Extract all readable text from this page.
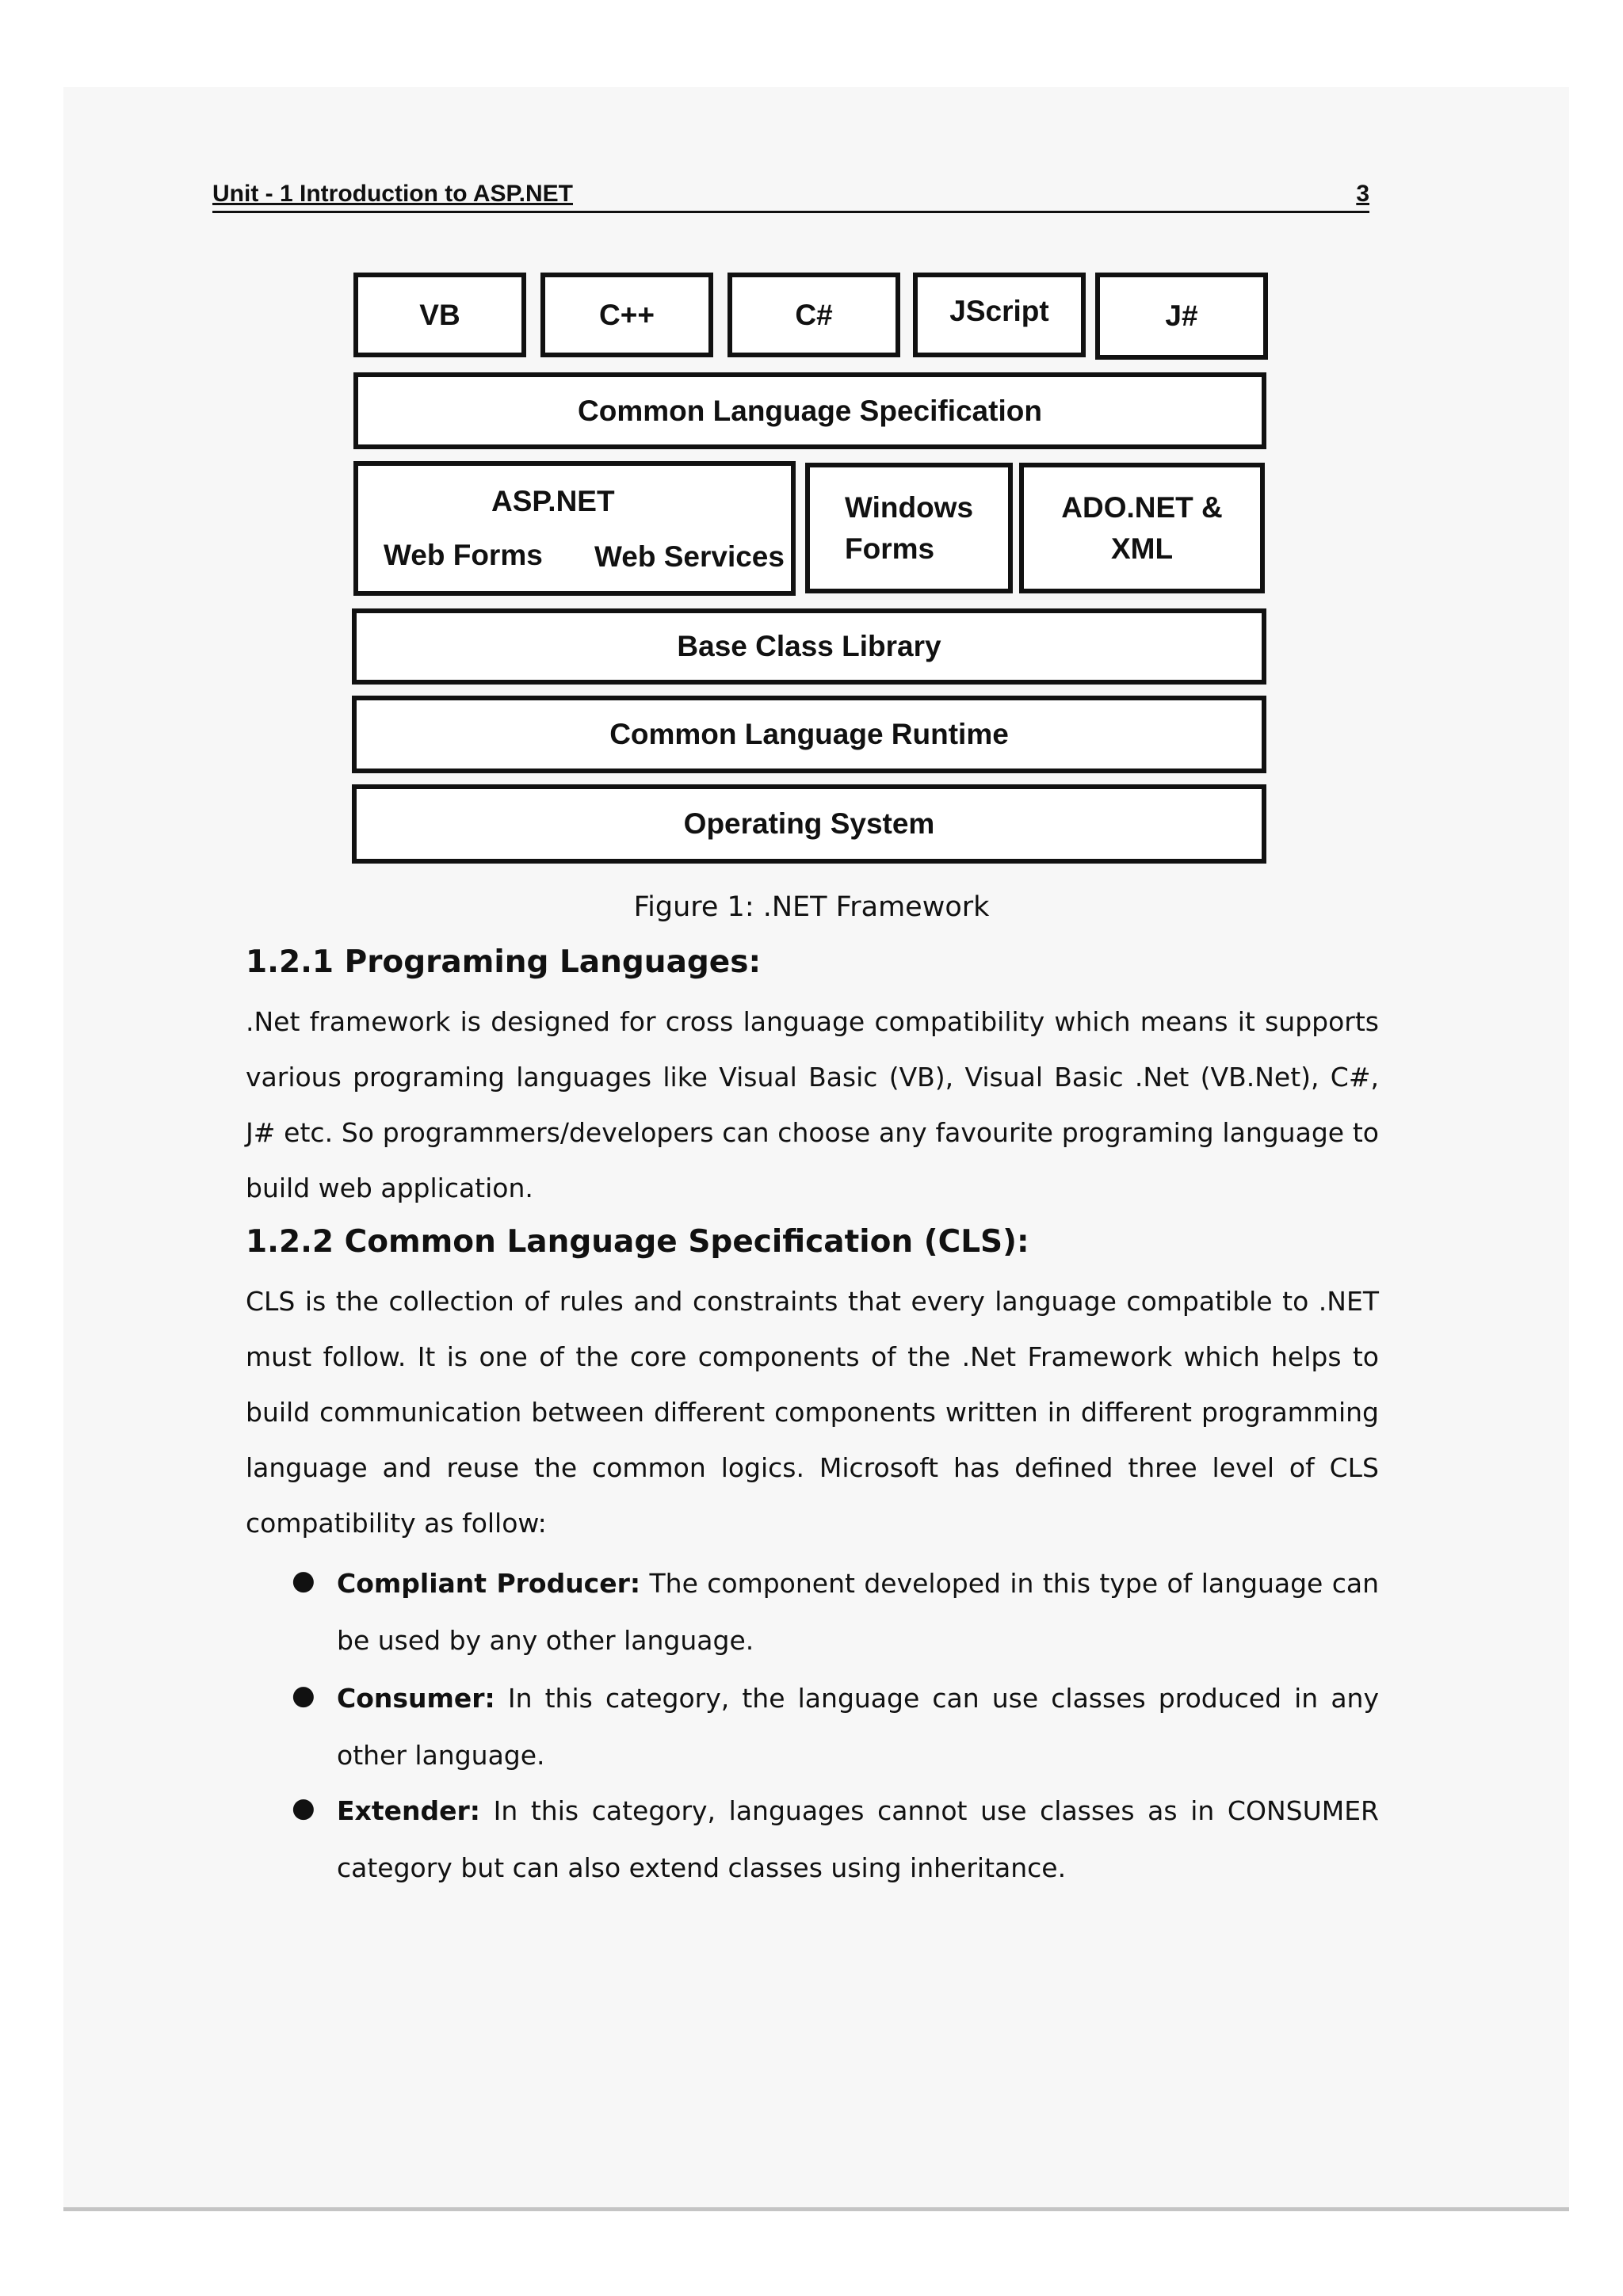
Unit - 1 Introduction to ASP.NET	3
VB	C++	C#	JScript	J#
Common Language Specification
ASP.NET
Web Forms Web Services
Windows
Forms
ADO.NET &
XML
Base Class Library
Common Language Runtime
Operating System
Figure 1: .NET Framework
1.2.1 Programing Languages:
.Net framework is designed for cross language compatibility which means it supports various programing languages like Visual Basic (VB), Visual Basic .Net (VB.Net), C#, J# etc. So programmers/developers can choose any favourite programing language to build web application.
1.2.2 Common Language Specification (CLS):
CLS is the collection of rules and constraints that every language compatible to .NET must follow. It is one of the core components of the .Net Framework which helps to build communication between different components written in different programming language and reuse the common logics. Microsoft has defined three level of CLS compatibility as follow:
● Compliant Producer: The component developed in this type of language can be used by any other language.
● Consumer: In this category, the language can use classes produced in any other language.
● Extender: In this category, languages cannot use classes as in CONSUMER category but can also extend classes using inheritance.
